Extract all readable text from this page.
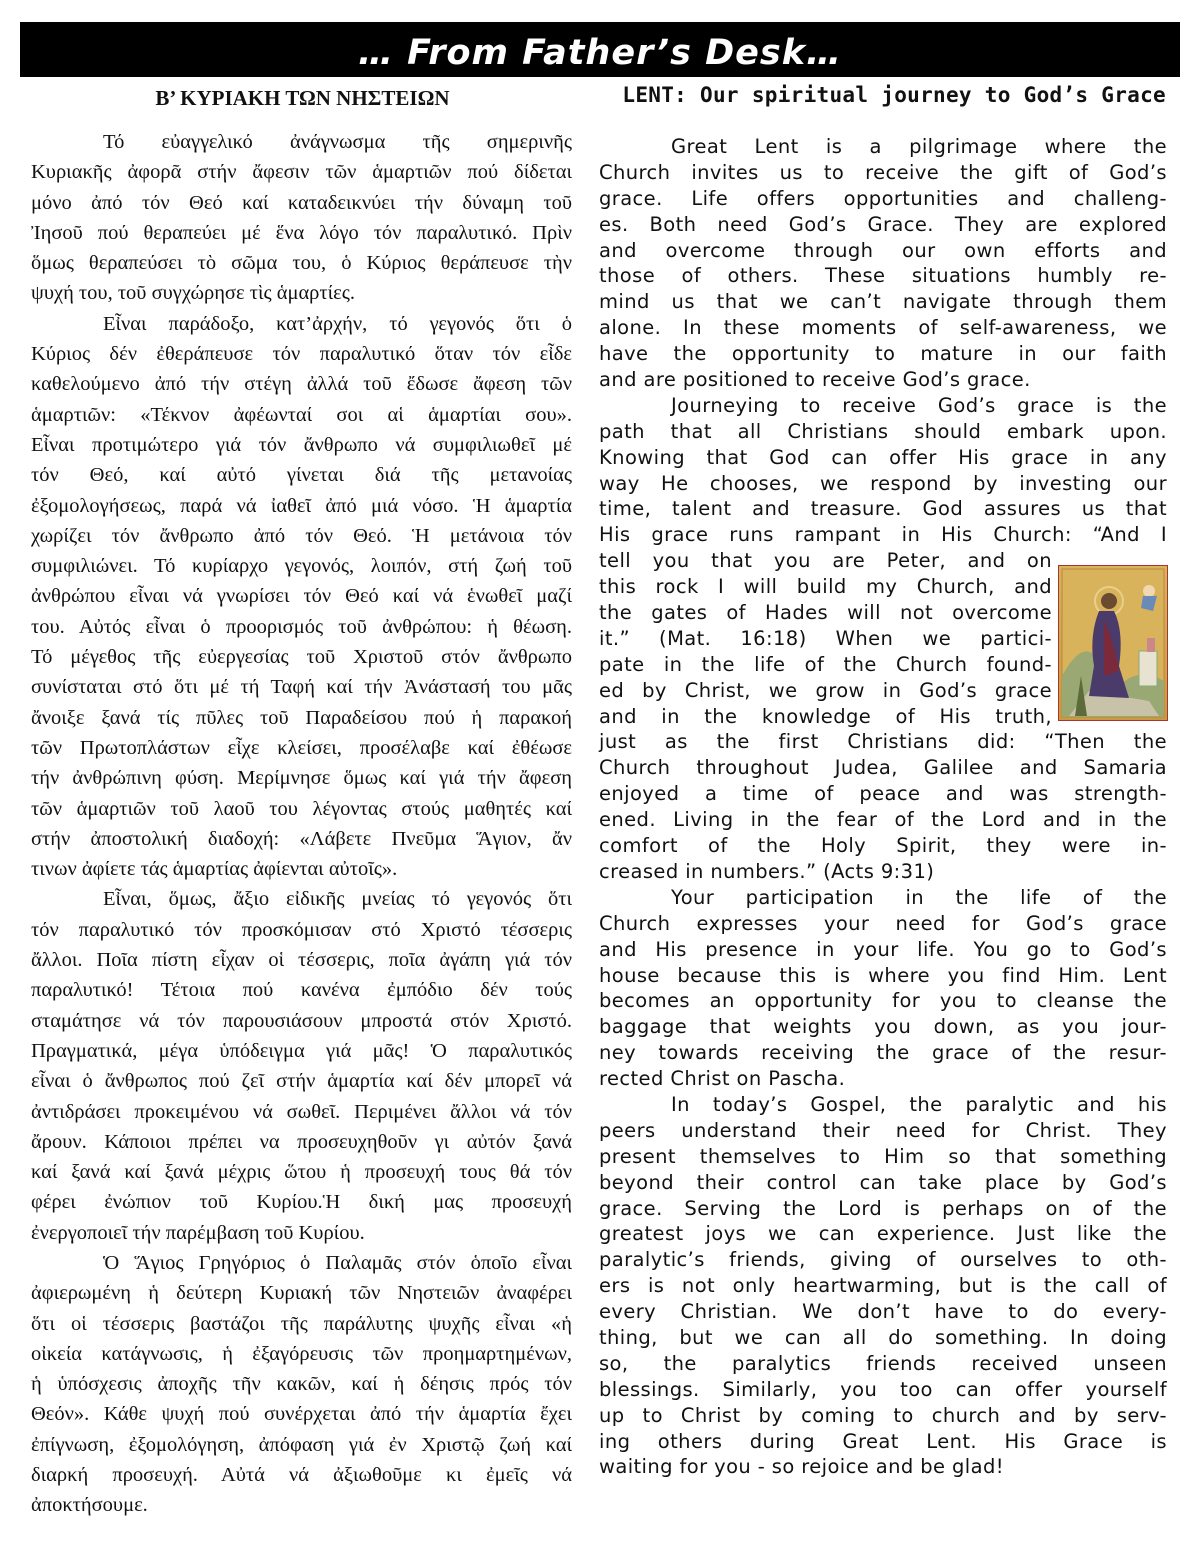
… From Father’s Desk…
Β’ ΚΥΡΙΑΚΗ ΤΩΝ ΝΗΣΤΕΙΩΝ	LENT: Our spiritual journey to God’s Grace
Τό εὐαγγελικό ἀνάγνωσμα τῆς σημερινῆς
Κυριακῆς ἀφορᾶ στήν ἄφεσιν τῶν ἁμαρτιῶν πού δίδεται
μόνο ἀπό τόν Θεό καί καταδεικνύει τήν δύναμη τοῦ
Ἰησοῦ πού θεραπεύει μέ ἕνα λόγο τόν παραλυτικό. Πρὶν
ὅμως θεραπεύσει τὸ σῶμα του, ὁ Κύριος θεράπευσε τὴν
ψυχή του, τοῦ συγχώρησε τὶς ἁμαρτίες.
Εἶναι παράδοξο, κατ’ἀρχήν, τό γεγονός ὅτι ὁ
Κύριος δέν ἐθεράπευσε τόν παραλυτικό ὅταν τόν εἶδε
καθελούμενο ἀπό τήν στέγη ἀλλά τοῦ ἔδωσε ἄφεση τῶν
ἁμαρτιῶν: «Τέκνον ἀφέωνταί σοι αἱ ἁμαρτίαι σου».
Εἶναι προτιμώτερο γιά τόν ἄνθρωπο νά συμφιλιωθεῖ μέ
τόν Θεό, καί αὐτό γίνεται διά τῆς μετανοίας
ἐξομολογήσεως, παρά νά ἰαθεῖ ἀπό μιά νόσο. Ἡ ἁμαρτία
χωρίζει τόν ἄνθρωπο ἀπό τόν Θεό. Ἡ μετάνοια τόν
συμφιλιώνει. Τό κυρίαρχο γεγονός, λοιπόν, στή ζωή τοῦ
ἀνθρώπου εἶναι νά γνωρίσει τόν Θεό καί νά ἑνωθεῖ μαζί
του. Αὐτός εἶναι ὁ προορισμός τοῦ ἀνθρώπου: ἡ θέωση.
Τό μέγεθος τῆς εὐεργεσίας τοῦ Χριστοῦ στόν ἄνθρωπο
συνίσταται στό ὅτι μέ τή Ταφή καί τήν Ἀνάστασή του μᾶς
ἄνοιξε ξανά τίς πῦλες τοῦ Παραδείσου πού ἡ παρακοή
τῶν Πρωτοπλάστων εἶχε κλείσει, προσέλαβε καί ἐθέωσε
τήν ἀνθρώπινη φύση. Μερίμνησε ὅμως καί γιά τήν ἄφεση
τῶν ἁμαρτιῶν τοῦ λαοῦ του λέγοντας στούς μαθητές καί
στήν ἀποστολική διαδοχή: «Λάβετε Πνεῦμα Ἅγιον, ἄν
τινων ἀφίετε τάς ἁμαρτίας ἀφίενται αὐτοῖς».
Εἶναι, ὅμως, ἄξιο εἰδικῆς μνείας τό γεγονός ὅτι
τόν παραλυτικό τόν προσκόμισαν στό Χριστό τέσσερις
ἄλλοι. Ποῖα πίστη εἶχαν οἱ τέσσερις, ποῖα ἀγάπη γιά τόν
παραλυτικό! Τέτοια πού κανένα ἐμπόδιο δέν τούς
σταμάτησε νά τόν παρουσιάσουν μπροστά στόν Χριστό.
Πραγματικά, μέγα ὑπόδειγμα γιά μᾶς! Ὁ παραλυτικός
εἶναι ὁ ἄνθρωπος πού ζεῖ στήν ἁμαρτία καί δέν μπορεῖ νά
ἀντιδράσει προκειμένου νά σωθεῖ. Περιμένει ἄλλοι νά τόν
ἄρουν. Κάποιοι πρέπει να προσευχηθοῦν γι αὐτόν ξανά
καί ξανά καί ξανά μέχρις ὥτου ἡ προσευχή τους θά τόν
φέρει ἐνώπιον τοῦ Κυρίου.Ἡ δική μας προσευχή
ἐνεργοποιεῖ τήν παρέμβαση τοῦ Κυρίου.
Ὁ Ἅγιος Γρηγόριος ὁ Παλαμᾶς στόν ὁποῖο εἶναι
ἀφιερωμένη ἡ δεύτερη Κυριακή τῶν Νηστειῶν ἀναφέρει
ὅτι οἱ τέσσερις βαστάζοι τῆς παράλυτης ψυχῆς εἶναι «ἡ
οἰκεία κατάγνωσις, ἡ ἐξαγόρευσις τῶν προημαρτημένων,
ἡ ὑπόσχεσις ἀποχῆς τῆν κακῶν, καί ἡ δέησις πρός τόν
Θεόν». Κάθε ψυχή πού συνέρχεται ἀπό τήν ἁμαρτία ἔχει
ἐπίγνωση, ἐξομολόγηση, ἀπόφαση γιά ἐν Χριστῷ ζωή καί
διαρκή προσευχή. Αὐτά νά ἀξιωθοῦμε κι ἐμεῖς νά
ἀποκτήσουμε.
Great Lent is a pilgrimage where the
Church invites us to receive the gift of God’s
grace. Life offers opportunities and challeng-
es. Both need God’s Grace. They are explored
and overcome through our own efforts and
those of others. These situations humbly re-
mind us that we can’t navigate through them
alone. In these moments of self-awareness, we
have the opportunity to mature in our faith
and are positioned to receive God’s grace.
Journeying to receive God’s grace is the
path that all Christians should embark upon.
Knowing that God can offer His grace in any
way He chooses, we respond by investing our
time, talent and treasure. God assures us that
His grace runs rampant in His Church: “And I
tell you that you are Peter, and on
this rock I will build my Church, and
the gates of Hades will not overcome
it.” (Mat. 16:18) When we partici-
pate in the life of the Church found-
ed by Christ, we grow in God’s grace
and in the knowledge of His truth,
just as the first Christians did: “Then the
Church throughout Judea, Galilee and Samaria
enjoyed a time of peace and was strength-
ened. Living in the fear of the Lord and in the
comfort of the Holy Spirit, they were in-
creased in numbers.” (Acts 9:31)
Your participation in the life of the
Church expresses your need for God’s grace
and His presence in your life. You go to God’s
house because this is where you find Him. Lent
becomes an opportunity for you to cleanse the
baggage that weights you down, as you jour-
ney towards receiving the grace of the resur-
rected Christ on Pascha.
In today’s Gospel, the paralytic and his
peers understand their need for Christ. They
present themselves to Him so that something
beyond their control can take place by God’s
grace. Serving the Lord is perhaps on of the
greatest joys we can experience. Just like the
paralytic’s friends, giving of ourselves to oth-
ers is not only heartwarming, but is the call of
every Christian. We don’t have to do every-
thing, but we can all do something. In doing
so, the paralytics friends received unseen
blessings. Similarly, you too can offer yourself
up to Christ by coming to church and by serv-
ing others during Great Lent. His Grace is
waiting for you - so rejoice and be glad!
